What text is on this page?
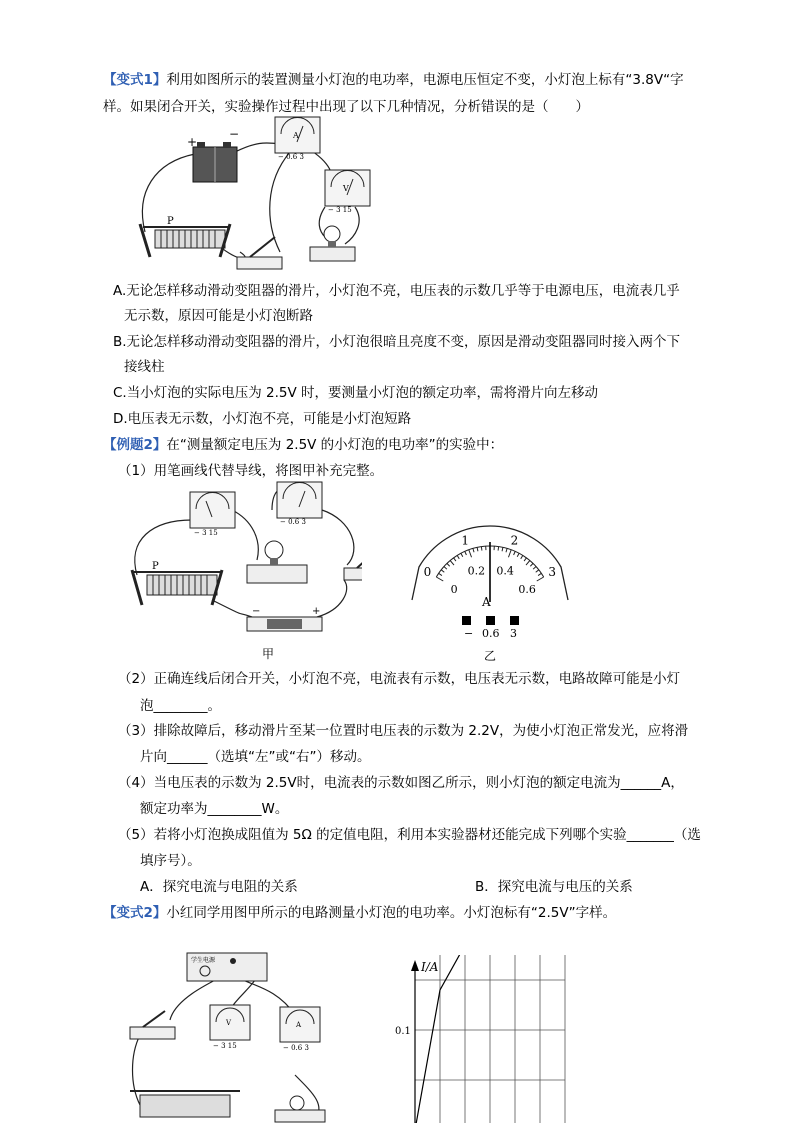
【变式1】利用如图所示的装置测量小灯泡的电功率，电源电压恒定不变，小灯泡上标有“3.8V“字
样。如果闭合开关，实验操作过程中出现了以下几种情况，分析错误的是（　　）
+
−	A
− 0.6 3
V
− 3 15
P
A.无论怎样移动滑动变阻器的滑片，小灯泡不亮，电压表的示数几乎等于电源电压，电流表几乎
无示数，原因可能是小灯泡断路
B.无论怎样移动滑动变阻器的滑片，小灯泡很暗且亮度不变，原因是滑动变阻器同时接入两个下
接线柱
C.当小灯泡的实际电压为 2.5V 时，要测量小灯泡的额定功率，需将滑片向左移动
D.电压表无示数，小灯泡不亮，可能是小灯泡短路
【例题2】在“测量额定电压为 2.5V 的小灯泡的电功率”的实验中：
（1）用笔画线代替导线，将图甲补充完整。
− 3 15
− 0.6 3
P
−	+
甲
0
1	2
3
0
0.2 0.4
0.6
A
− 0.6 3
乙
（2）正确连线后闭合开关，小灯泡不亮，电流表有示数，电压表无示数，电路故障可能是小灯
泡________。
（3）排除故障后，移动滑片至某一位置时电压表的示数为 2.2V，为使小灯泡正常发光，应将滑
片向______（选填“左”或“右”）移动。
（4）当电压表的示数为 2.5V时，电流表的示数如图乙所示，则小灯泡的额定电流为______A，
额定功率为________W。
（5）若将小灯泡换成阻值为 5Ω 的定值电阻，利用本实验器材还能完成下列哪个实验_______（选
填序号）。
A．探究电流与电阻的关系	B．探究电流与电压的关系
【变式2】小红同学用图甲所示的电路测量小灯泡的电功率。小灯泡标有“2.5V”字样。
学生电源
V
− 3 15
A
− 0.6 3
I/A
0.1
